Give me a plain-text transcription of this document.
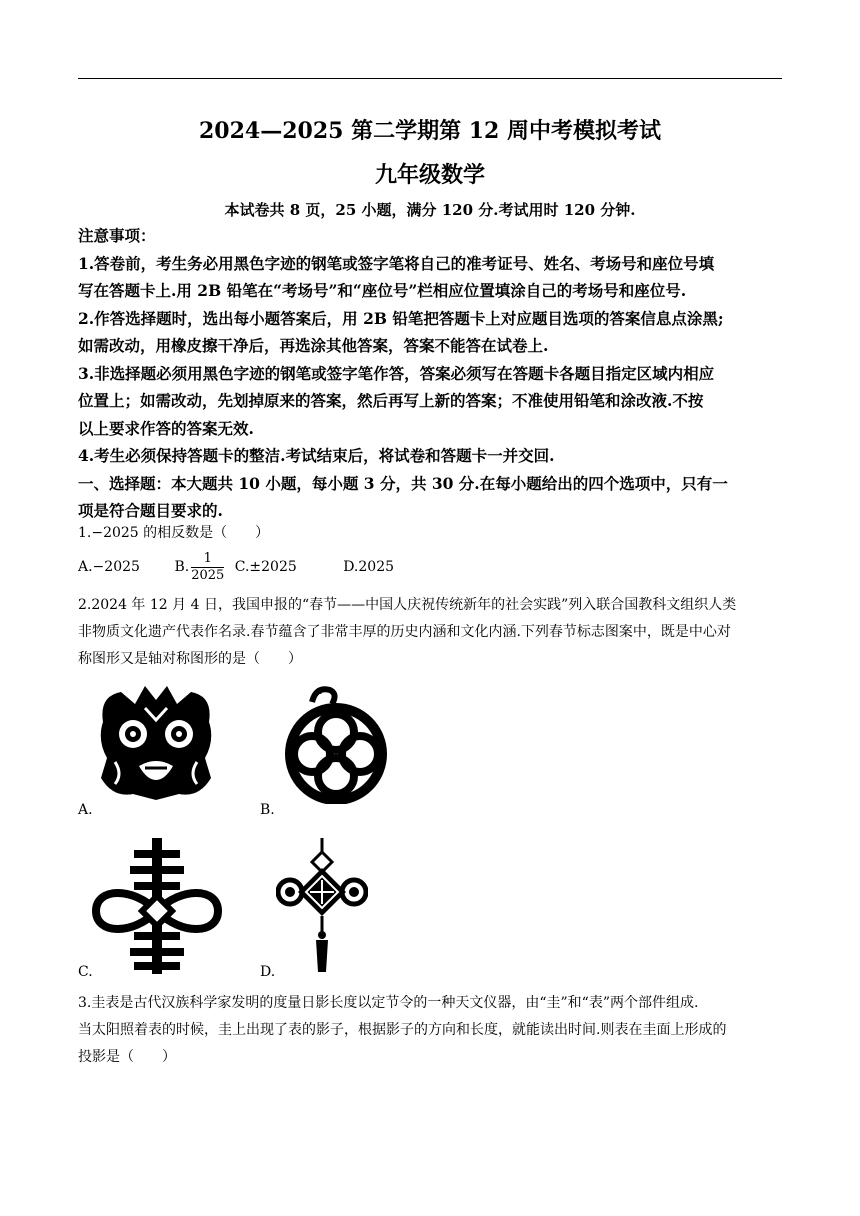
2024—2025 第二学期第 12 周中考模拟考试
九年级数学
本试卷共 8 页，25 小题，满分 120 分.考试用时 120 分钟.
注意事项：
1.答卷前，考生务必用黑色字迹的钢笔或签字笔将自己的准考证号、姓名、考场号和座位号填
写在答题卡上.用 2B 铅笔在“考场号”和“座位号”栏相应位置填涂自己的考场号和座位号.
2.作答选择题时，选出每小题答案后，用 2B 铅笔把答题卡上对应题目选项的答案信息点涂黑;
如需改动，用橡皮擦干净后，再选涂其他答案，答案不能答在试卷上.
3.非选择题必须用黑色字迹的钢笔或签字笔作答，答案必须写在答题卡各题目指定区域内相应
位置上；如需改动，先划掉原来的答案，然后再写上新的答案；不准使用铅笔和涂改液.不按
以上要求作答的答案无效.
4.考生必须保持答题卡的整洁.考试结束后，将试卷和答题卡一并交回.
一、选择题：本大题共 10 小题，每小题 3 分，共 30 分.在每小题给出的四个选项中，只有一
项是符合题目要求的.
1.−2025 的相反数是（　　）
A.−2025 B. $\frac{1}{2025} C.\pm 2025$	D.2025
2.2024 年 12 月 4 日，我国申报的“春节——中国人庆祝传统新年的社会实践”列入联合国教科文组织人类
非物质文化遗产代表作名录.春节蕴含了非常丰厚的历史内涵和文化内涵.下列春节标志图案中，既是中心对
称图形又是轴对称图形的是（　　）
A.	B.
C.	D.
3.圭表是古代汉族科学家发明的度量日影长度以定节令的一种天文仪器，由“圭”和“表”两个部件组成.
当太阳照着表的时候，圭上出现了表的影子，根据影子的方向和长度，就能读出时间.则表在圭面上形成的
投影是（　　）
